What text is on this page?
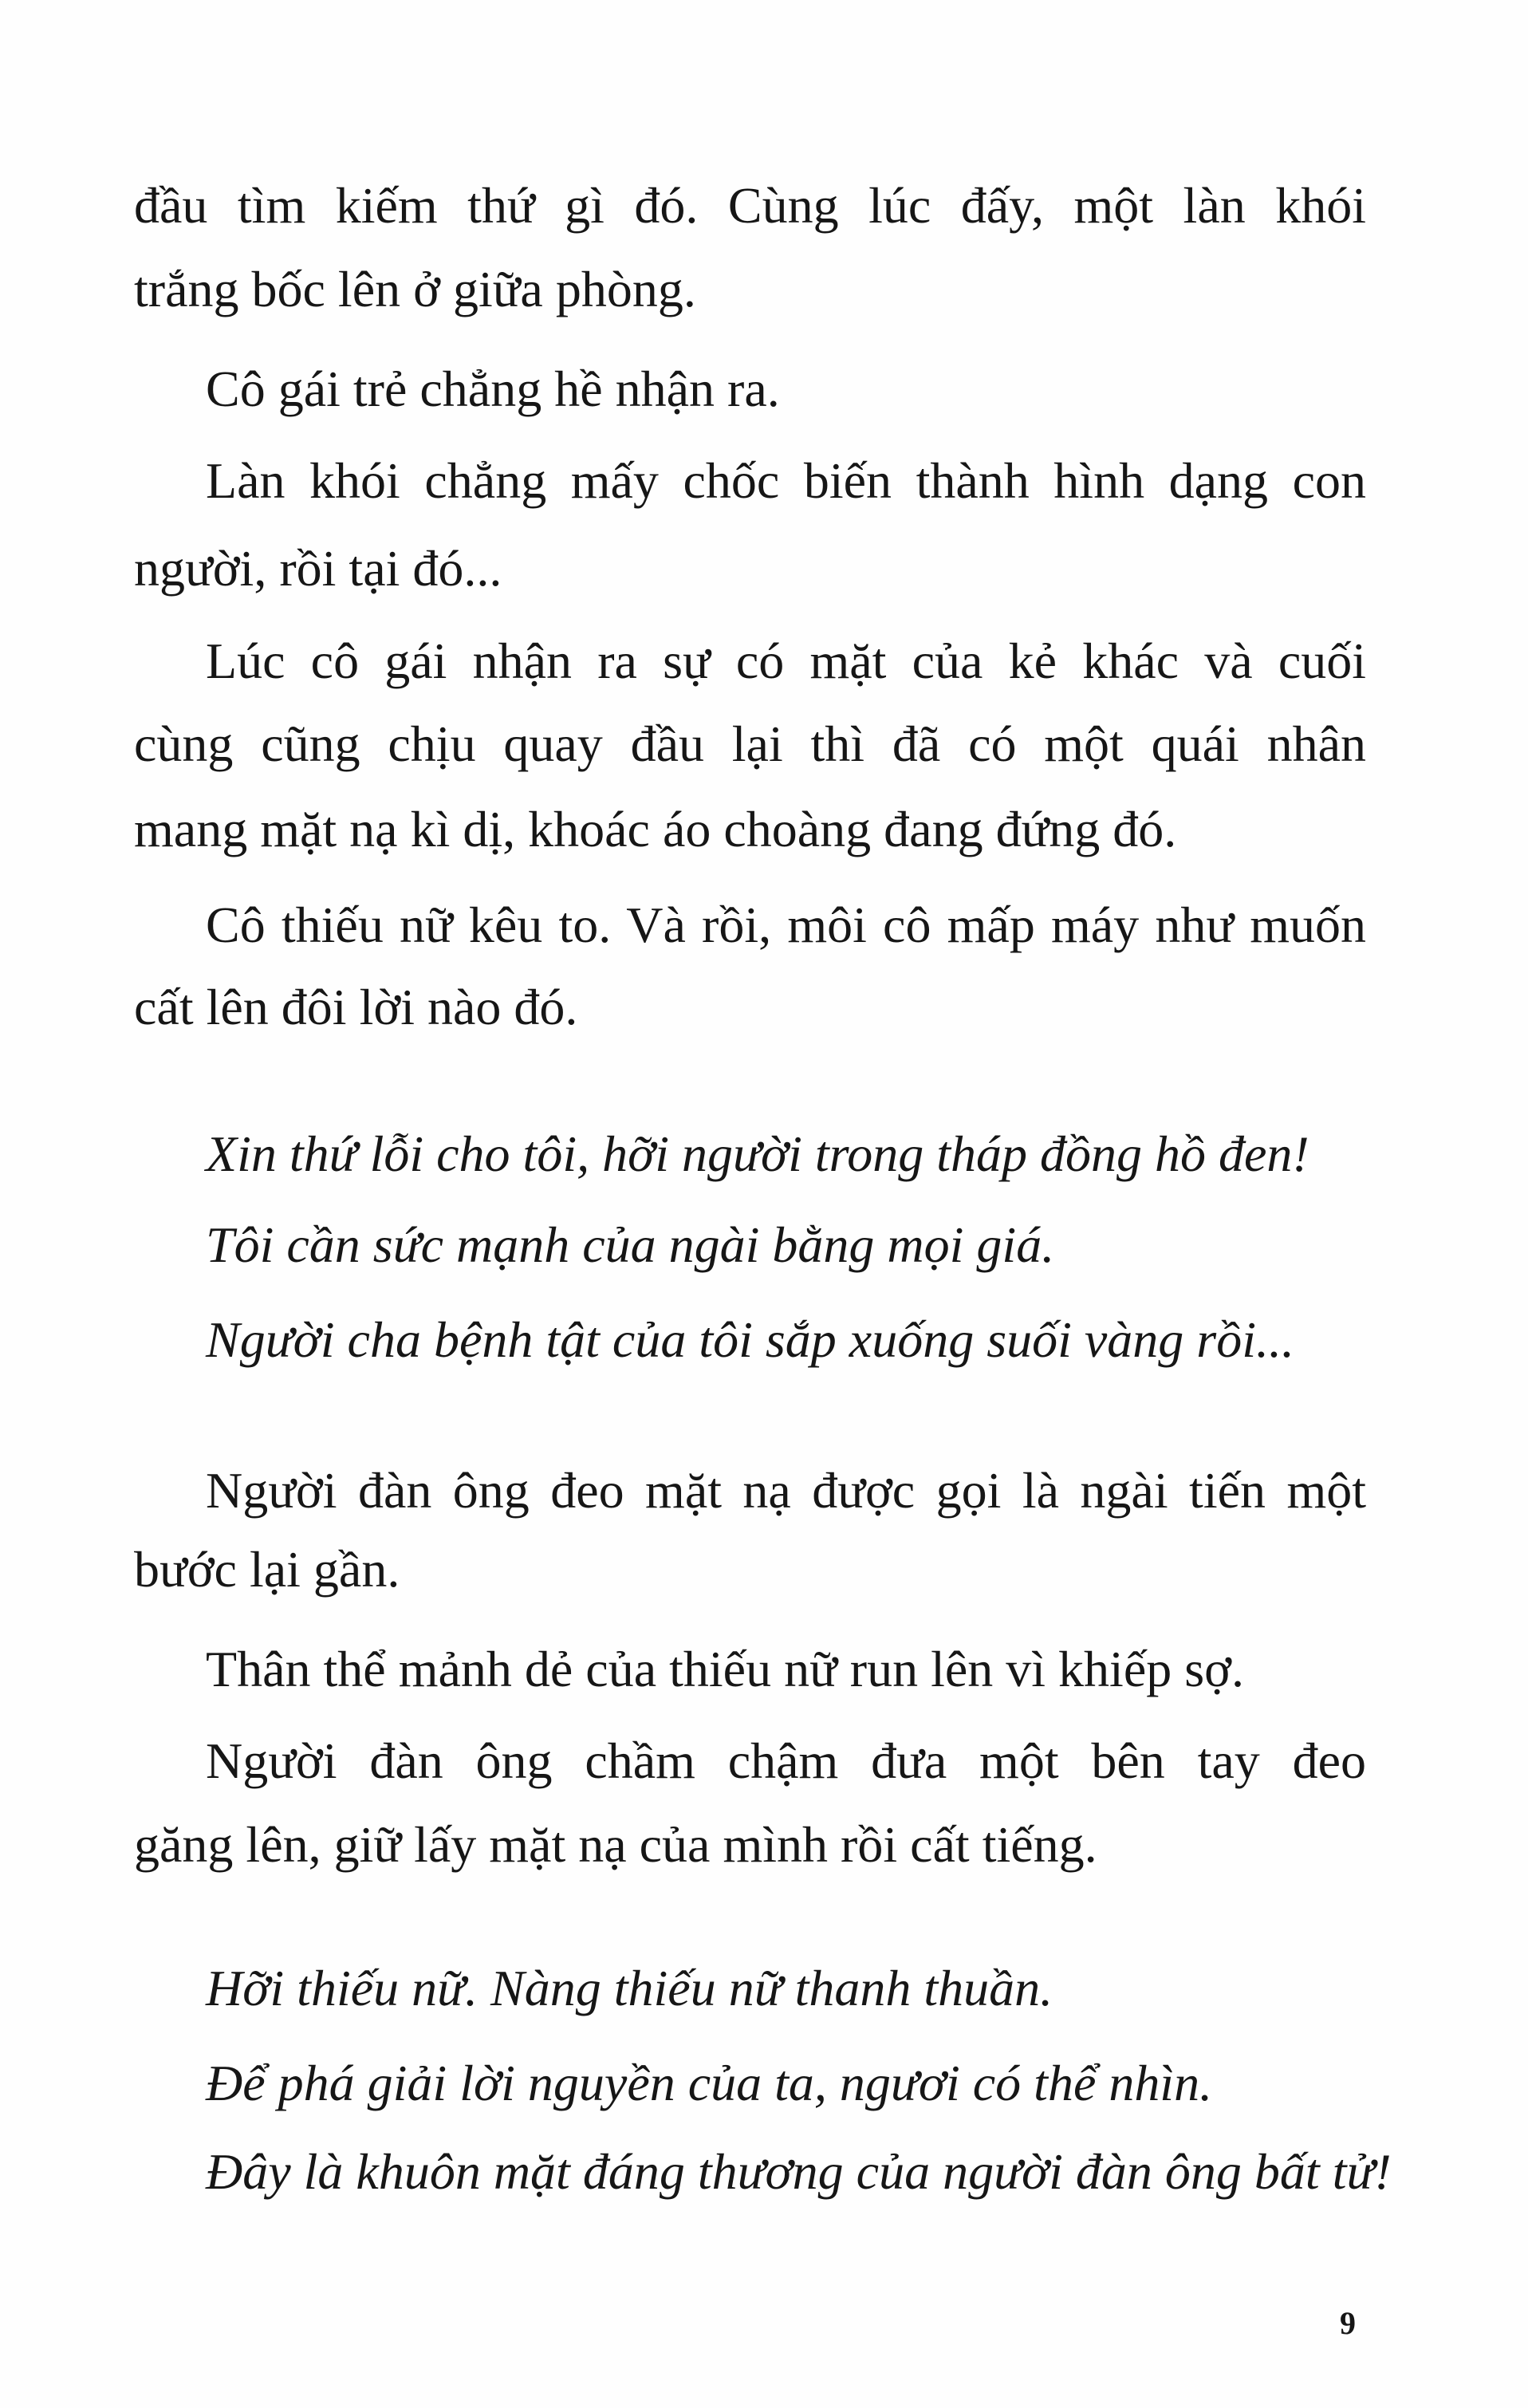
đầu tìm kiếm thứ gì đó. Cùng lúc đấy, một làn khói
trắng bốc lên ở giữa phòng.
Cô gái trẻ chẳng hề nhận ra.
Làn khói chẳng mấy chốc biến thành hình dạng con
người, rồi tại đó...
Lúc cô gái nhận ra sự có mặt của kẻ khác và cuối
cùng cũng chịu quay đầu lại thì đã có một quái nhân
mang mặt nạ kì dị, khoác áo choàng đang đứng đó.
Cô thiếu nữ kêu to. Và rồi, môi cô mấp máy như muốn
cất lên đôi lời nào đó.
Xin thứ lỗi cho tôi, hỡi người trong tháp đồng hồ đen!
Tôi cần sức mạnh của ngài bằng mọi giá.
Người cha bệnh tật của tôi sắp xuống suối vàng rồi...
Người đàn ông đeo mặt nạ được gọi là ngài tiến một
bước lại gần.
Thân thể mảnh dẻ của thiếu nữ run lên vì khiếp sợ.
Người đàn ông chầm chậm đưa một bên tay đeo
găng lên, giữ lấy mặt nạ của mình rồi cất tiếng.
Hỡi thiếu nữ. Nàng thiếu nữ thanh thuần.
Để phá giải lời nguyền của ta, ngươi có thể nhìn.
Đây là khuôn mặt đáng thương của người đàn ông bất tử!
9
